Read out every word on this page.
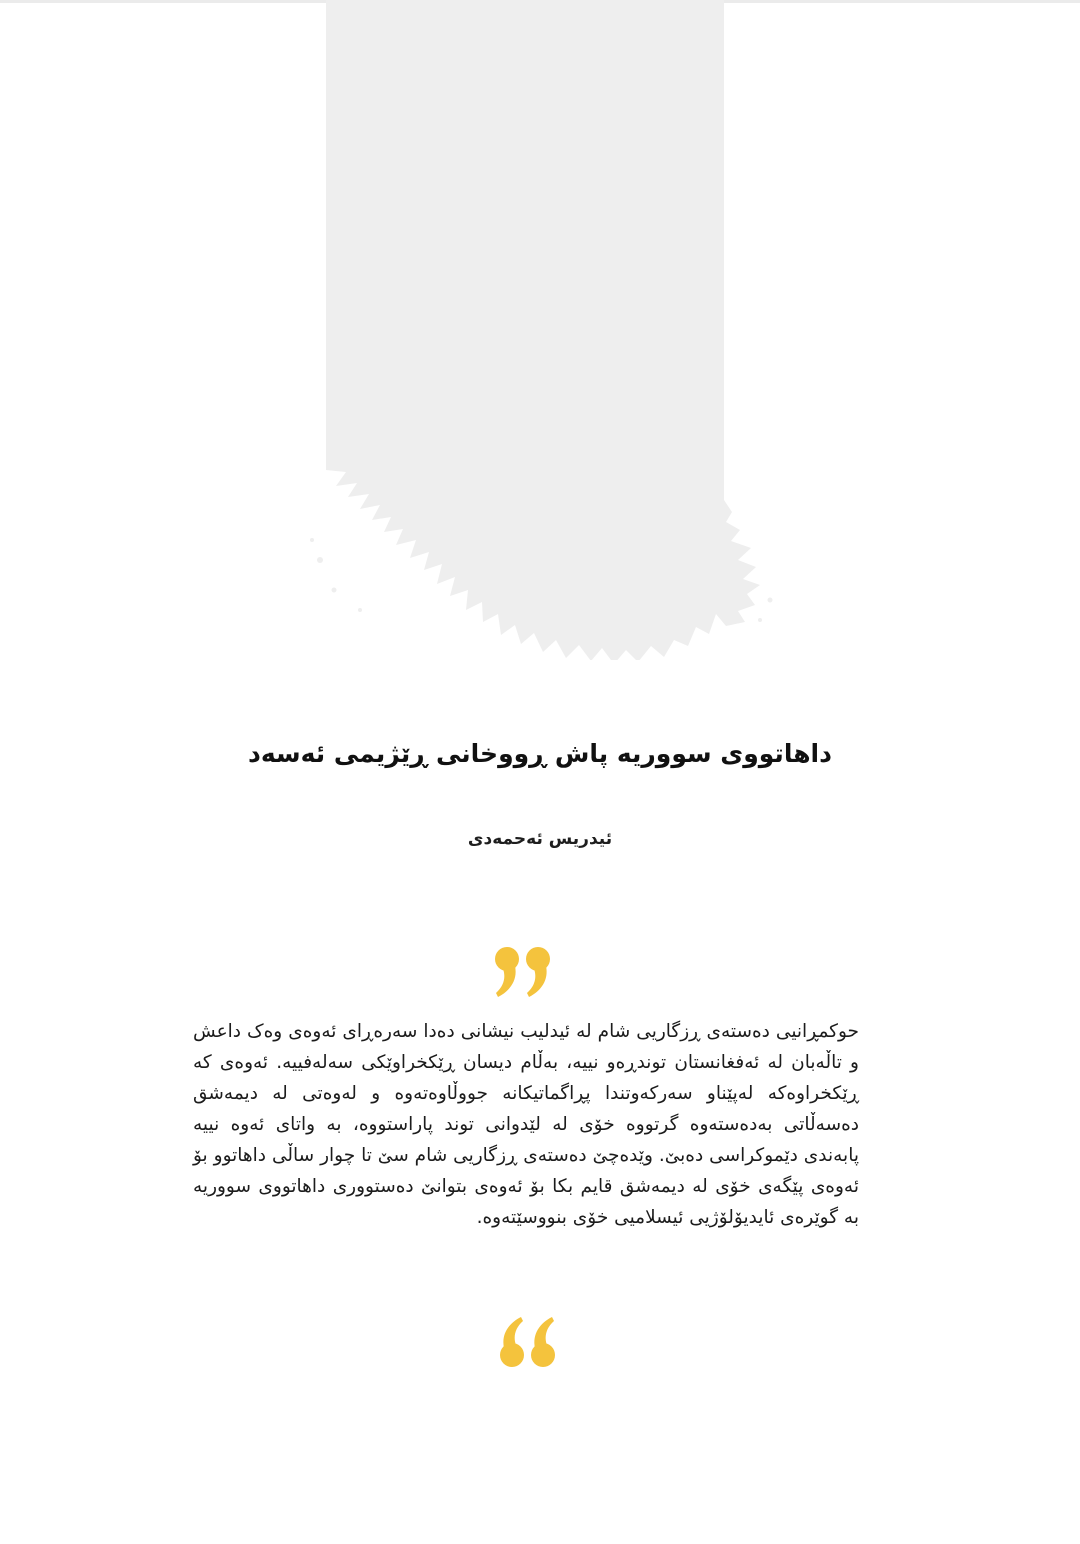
داهاتووی سووریە پاش ڕووخانی ڕێژیمی ئەسەد
ئیدریس ئەحمەدی
حوکمڕانیی دەستەی ڕزگاریی شام لە ئیدلیب نیشانی دەدا سەرەڕای ئەوەی وەک داعش و تاڵەبان لە ئەفغانستان توندڕەو نییە، بەڵام دیسان ڕێکخراوێکی سەلەفییە. ئەوەی کە ڕێکخراوەکە لەپێناو سەرکەوتندا پڕاگماتیکانە جووڵاوەتەوە و لەوەتی لە دیمەشق دەسەڵاتی بەدەستەوە گرتووە خۆی لە لێدوانی توند پاراستووە، بە واتای ئەوە نییە پابەندی دێموکراسی دەبێ. وێدەچێ دەستەی ڕزگاریی شام سێ تا چوار ساڵی داهاتوو بۆ ئەوەی پێگەی خۆی لە دیمەشق قایم بکا بۆ ئەوەی بتوانێ دەستووری داهاتووی سووریە بە گوێرەی ئایدیۆلۆژیی ئیسلامیی خۆی بنووسێتەوە.
